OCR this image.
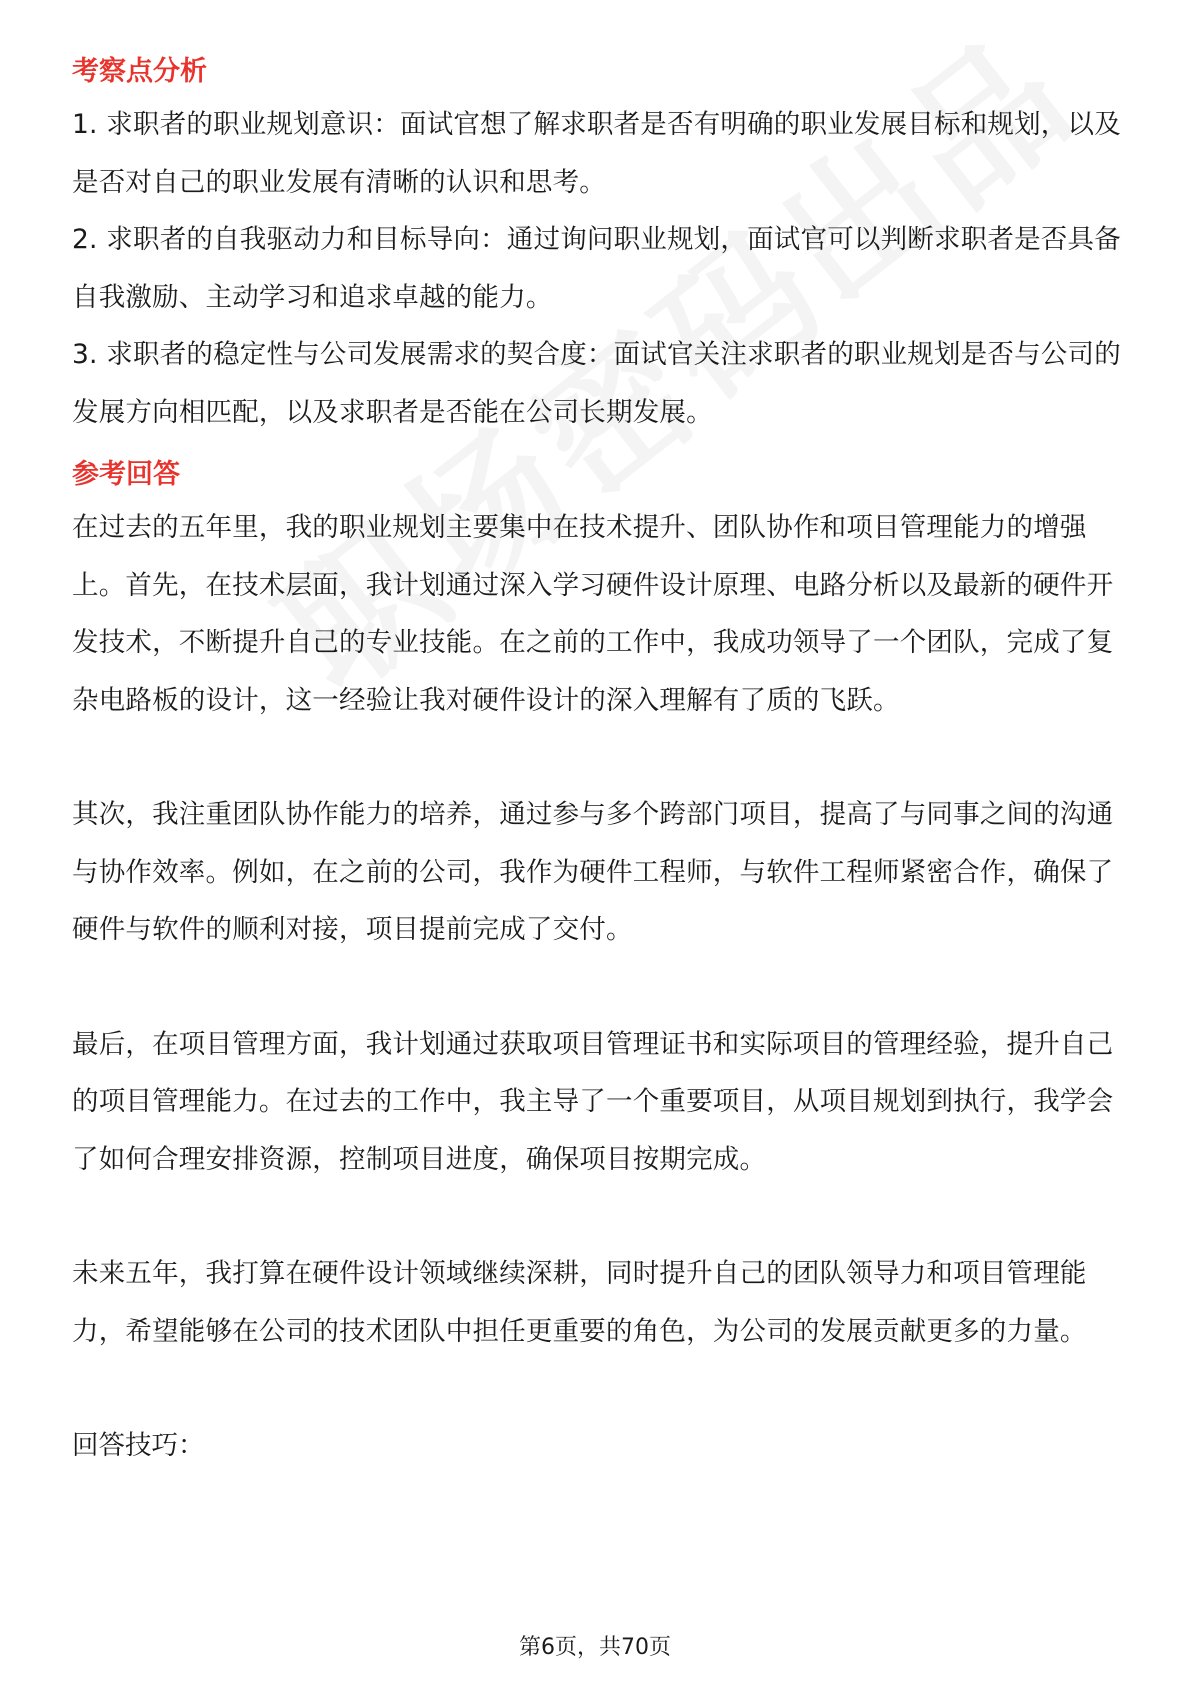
考察点分析

1. 求职者的职业规划意识：面试官想了解求职者是否有明确的职业发展目标和规划，以及是否对自己的职业发展有清晰的认识和思考。

2. 求职者的自我驱动力和目标导向：通过询问职业规划，面试官可以判断求职者是否具备自我激励、主动学习和追求卓越的能力。

3. 求职者的稳定性与公司发展需求的契合度：面试官关注求职者的职业规划是否与公司的发展方向相匹配，以及求职者是否能在公司长期发展。

参考回答

在过去的五年里，我的职业规划主要集中在技术提升、团队协作和项目管理能力的增强上。首先，在技术层面，我计划通过深入学习硬件设计原理、电路分析以及最新的硬件开发技术，不断提升自己的专业技能。在之前的工作中，我成功领导了一个团队，完成了复杂电路板的设计，这一经验让我对硬件设计的深入理解有了质的飞跃。

其次，我注重团队协作能力的培养，通过参与多个跨部门项目，提高了与同事之间的沟通与协作效率。例如，在之前的公司，我作为硬件工程师，与软件工程师紧密合作，确保了硬件与软件的顺利对接，项目提前完成了交付。

最后，在项目管理方面，我计划通过获取项目管理证书和实际项目的管理经验，提升自己的项目管理能力。在过去的工作中，我主导了一个重要项目，从项目规划到执行，我学会了如何合理安排资源，控制项目进度，确保项目按期完成。

未来五年，我打算在硬件设计领域继续深耕，同时提升自己的团队领导力和项目管理能力，希望能够在公司的技术团队中担任更重要的角色，为公司的发展贡献更多的力量。

回答技巧：

第6页，共70页
